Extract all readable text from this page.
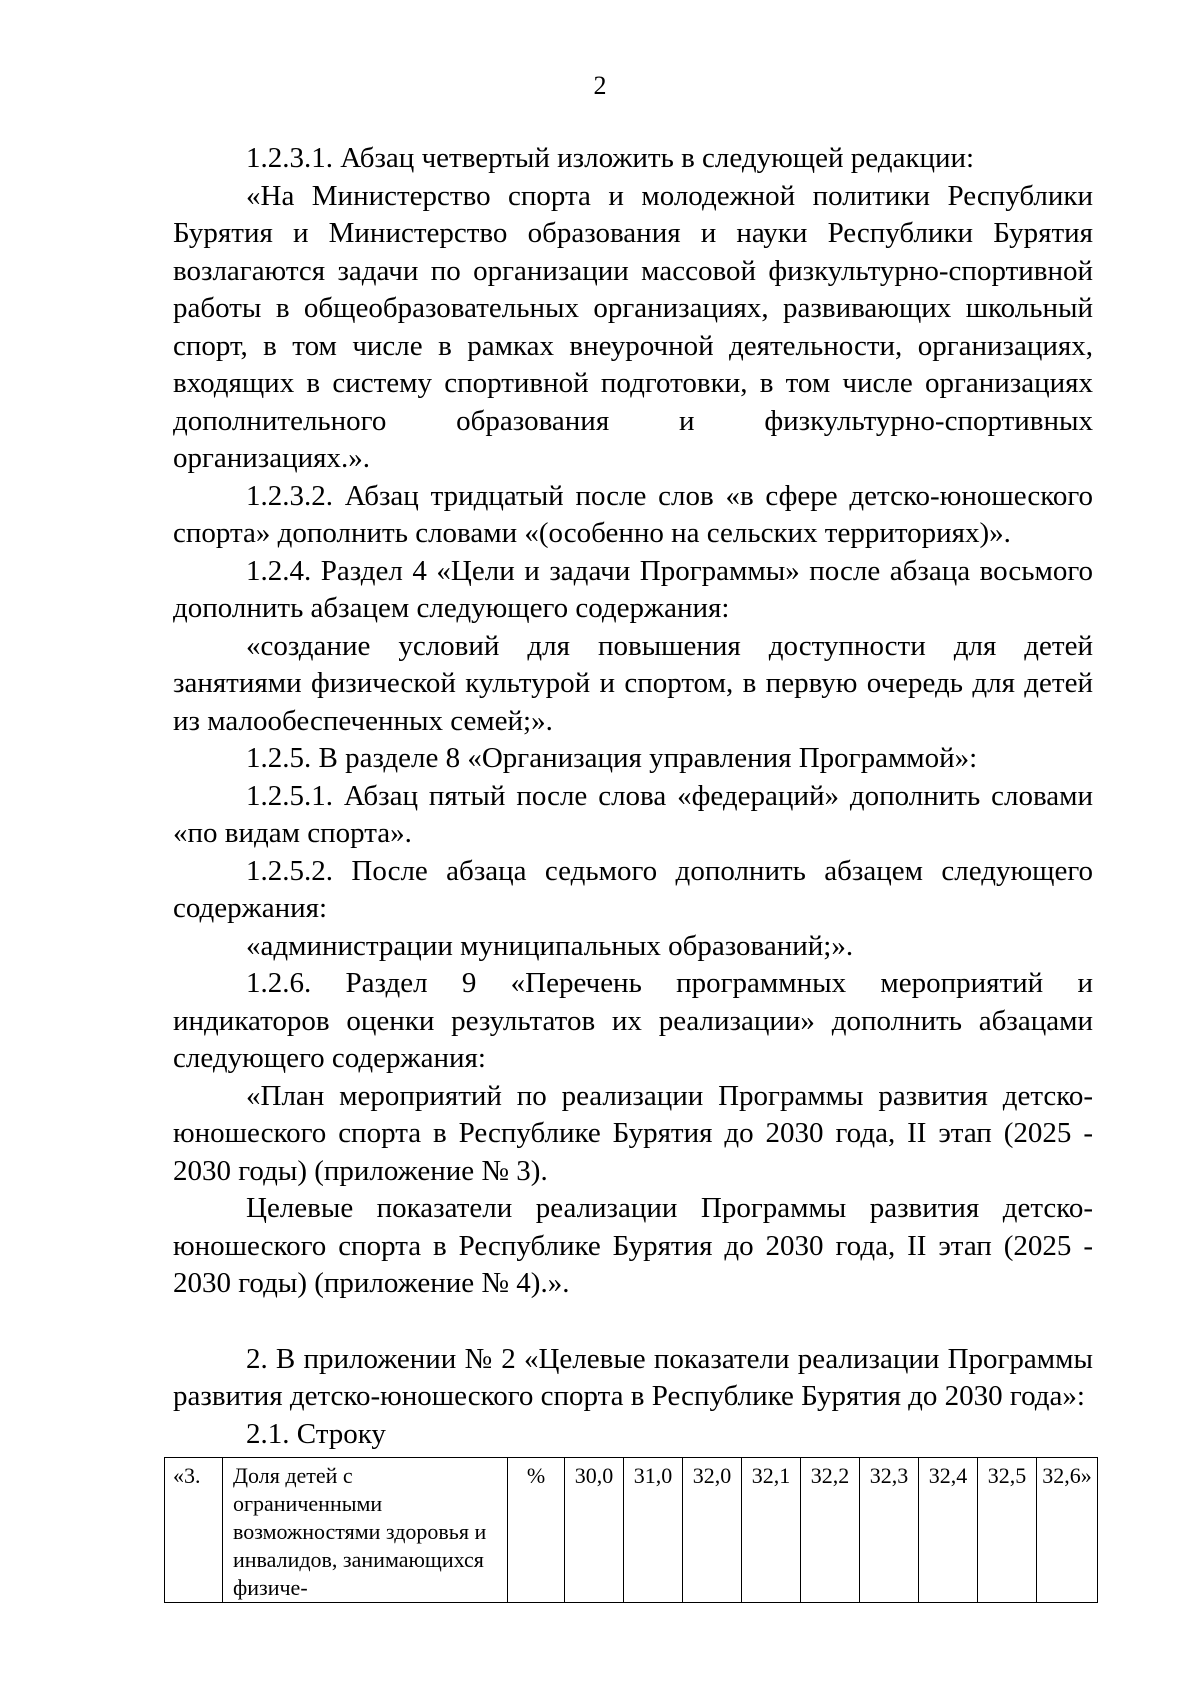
2

1.2.3.1. Абзац четвертый изложить в следующей редакции:

«На Министерство спорта и молодежной политики Республики Бурятия и Министерство образования и науки Республики Бурятия возлагаются задачи по организации массовой физкультурно-спортивной работы в общеобразовательных организациях, развивающих школьный спорт, в том числе в рамках внеурочной деятельности, организациях, входящих в систему спортивной подготовки, в том числе организациях дополнительного образования и физкультурно-спортивных организациях.».

1.2.3.2. Абзац тридцатый после слов «в сфере детско-юношеского спорта» дополнить словами «(особенно на сельских территориях)».

1.2.4. Раздел 4 «Цели и задачи Программы» после абзаца восьмого дополнить абзацем следующего содержания:

«создание условий для повышения доступности для детей занятиями физической культурой и спортом, в первую очередь для детей из малообеспеченных семей;».

1.2.5. В разделе 8 «Организация управления Программой»:

1.2.5.1. Абзац пятый после слова «федераций» дополнить словами «по видам спорта».

1.2.5.2. После абзаца седьмого дополнить абзацем следующего содержания:

«администрации муниципальных образований;».

1.2.6. Раздел 9 «Перечень программных мероприятий и индикаторов оценки результатов их реализации» дополнить абзацами следующего содержания:

«План мероприятий по реализации Программы развития детско-юношеского спорта в Республике Бурятия до 2030 года, II этап (2025 - 2030 годы) (приложение № 3).

Целевые показатели реализации Программы развития детско-юношеского спорта в Республике Бурятия до 2030 года, II этап (2025 - 2030 годы) (приложение № 4).».

2. В приложении № 2 «Целевые показатели реализации Программы развития детско-юношеского спорта в Республике Бурятия до 2030 года»:

2.1. Строку

«3.	Доля детей с ограниченными возможностями здоровья и инвалидов, занимающихся физиче-	%	30,0	31,0	32,0	32,1	32,2	32,3	32,4	32,5	32,6»
